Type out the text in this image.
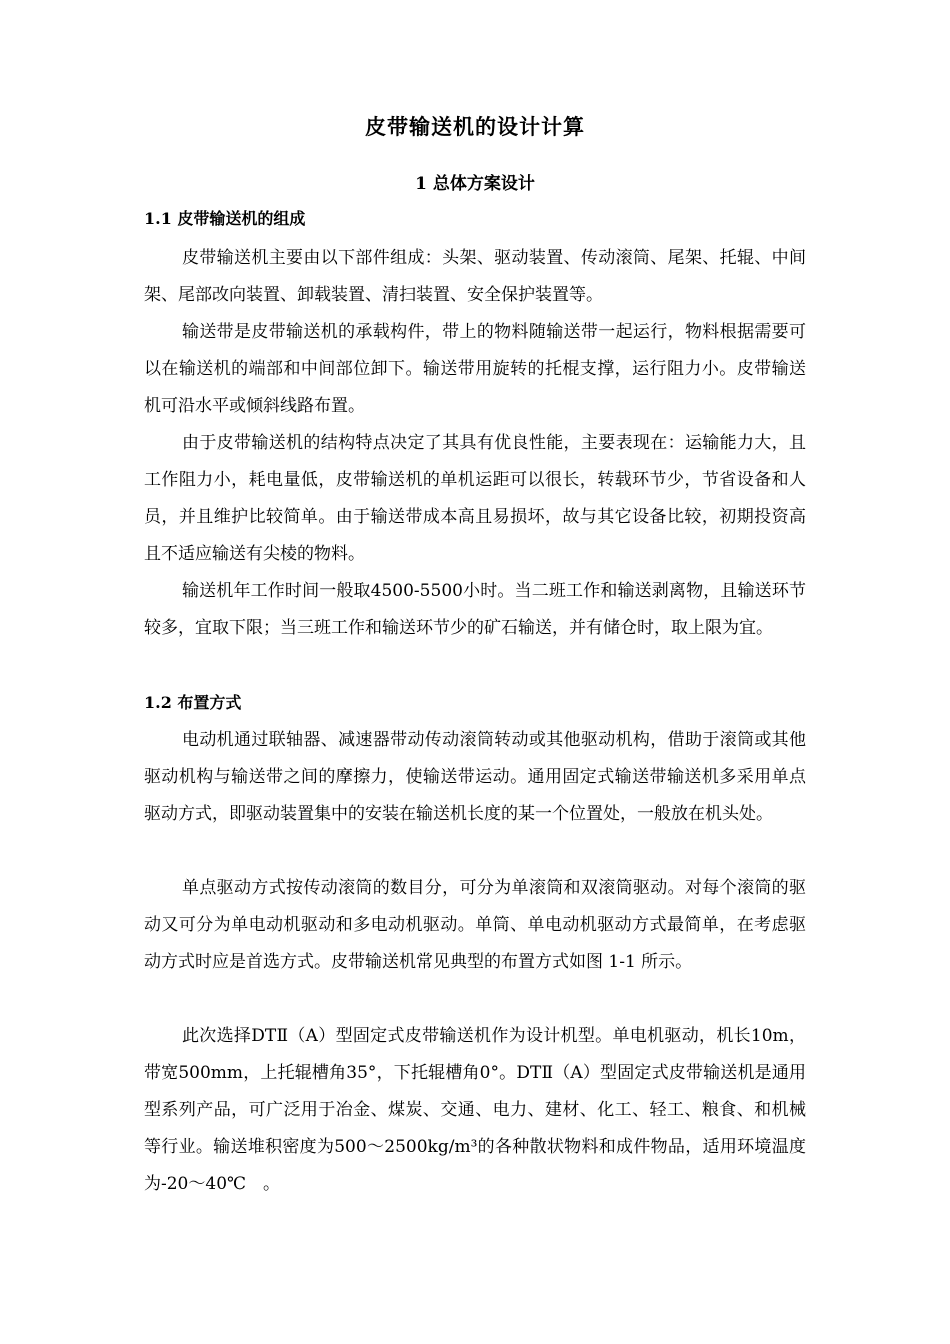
皮带输送机的设计计算
1 总体方案设计
1.1 皮带输送机的组成

皮带输送机主要由以下部件组成：头架、驱动装置、传动滚筒、尾架、托辊、中间架、尾部改向装置、卸载装置、清扫装置、安全保护装置等。

输送带是皮带输送机的承载构件，带上的物料随输送带一起运行，物料根据需要可以在输送机的端部和中间部位卸下。输送带用旋转的托棍支撑，运行阻力小。皮带输送机可沿水平或倾斜线路布置。

由于皮带输送机的结构特点决定了其具有优良性能，主要表现在：运输能力大，且工作阻力小，耗电量低，皮带输送机的单机运距可以很长，转载环节少，节省设备和人员，并且维护比较简单。由于输送带成本高且易损坏，故与其它设备比较，初期投资高且不适应输送有尖棱的物料。

输送机年工作时间一般取4500-5500小时。当二班工作和输送剥离物，且输送环节较多，宜取下限；当三班工作和输送环节少的矿石输送，并有储仓时，取上限为宜。

1.2 布置方式

电动机通过联轴器、减速器带动传动滚筒转动或其他驱动机构，借助于滚筒或其他驱动机构与输送带之间的摩擦力，使输送带运动。通用固定式输送带输送机多采用单点驱动方式，即驱动装置集中的安装在输送机长度的某一个位置处，一般放在机头处。

单点驱动方式按传动滚筒的数目分，可分为单滚筒和双滚筒驱动。对每个滚筒的驱动又可分为单电动机驱动和多电动机驱动。单筒、单电动机驱动方式最简单，在考虑驱动方式时应是首选方式。皮带输送机常见典型的布置方式如图 1-1 所示。

此次选择DTⅡ（A）型固定式皮带输送机作为设计机型。单电机驱动，机长10m，带宽500mm，上托辊槽角35°，下托辊槽角0°。DTⅡ（A）型固定式皮带输送机是通用型系列产品，可广泛用于冶金、煤炭、交通、电力、建材、化工、轻工、粮食、和机械等行业。输送堆积密度为500～2500kg/m³的各种散状物料和成件物品，适用环境温度为-20～40℃　。
